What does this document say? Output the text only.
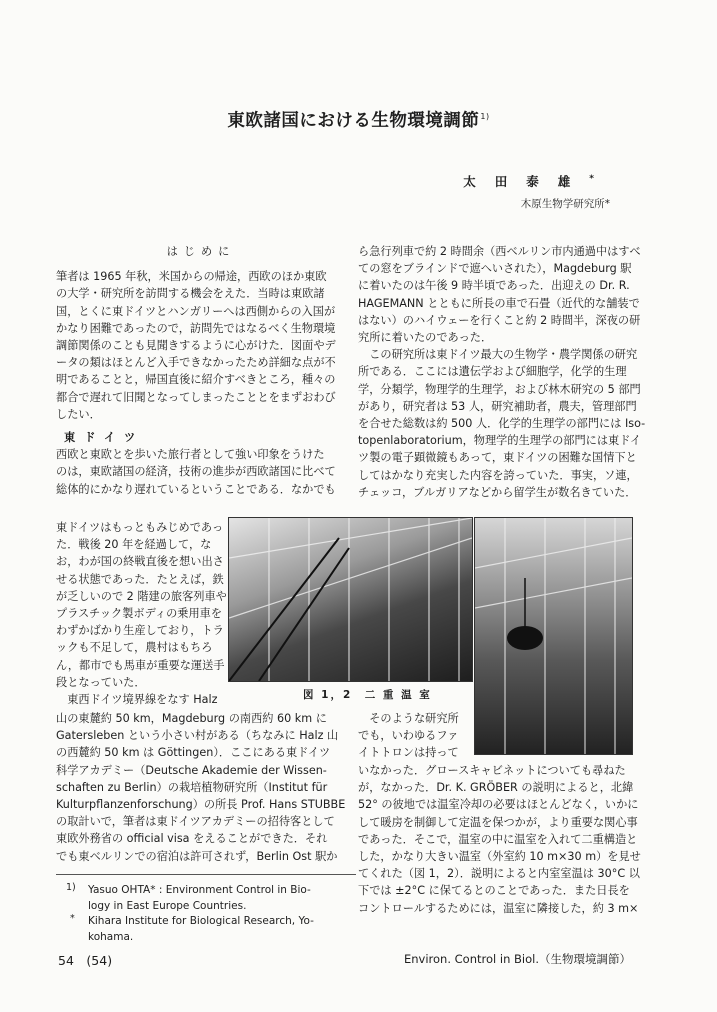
東欧諸国における生物環境調節$^{1)}$
太田泰雄*
木原生物学研究所*

はじめに

筆者は 1965 年秋，米国からの帰途，西欧のほか東欧

の大学・研究所を訪問する機会をえた．当時は東欧諸

国，とくに東ドイツとハンガリーへは西側からの入国が

かなり困難であったので，訪問先ではなるべく生物環境

調節関係のことも見聞きするように心がけた．図面やデ

ータの類はほとんど入手できなかったため詳細な点が不

明であることと，帰国直後に紹介すべきところ，種々の

都合で遅れて旧聞となってしまったこととをまずおわび

したい．

東ドイツ

西欧と東欧とを歩いた旅行者として強い印象をうけた

のは，東欧諸国の経済，技術の進歩が西欧諸国に比べて

総体的にかなり遅れているということである．なかでも

東ドイツはもっともみじめであっ

た．戦後 20 年を経過して，な

お，わが国の終戦直後を想い出さ

せる状態であった．たとえば，鉄

が乏しいので 2 階建の旅客列車や

プラスチック製ボディの乗用車を

わずかばかり生産しており，トラ

ックも不足して，農村はもちろ

ん，都市でも馬車が重要な運送手

段となっていた．

　東西ドイツ境界線をなす Halz

山の東麓約 50 km，Magdeburg の南西約 60 km に

Gatersleben という小さい村がある（ちなみに Halz 山

の西麓約 50 km は Göttingen）．ここにある東ドイツ

科学アカデミー（Deutsche Akademie der Wissen-

schaften zu Berlin）の栽培植物研究所（Institut für

Kulturpflanzenforschung）の所長 Prof. Hans STUBBE

の取計いで，筆者は東ドイツアカデミーの招待客として

東欧外務省の official visa をえることができた．それ

でも東ベルリンでの宿泊は許可されず，Berlin Ost 駅か

ら急行列車で約 2 時間余（西ベルリン市内通過中はすべ

ての窓をブラインドで遮へいされた），Magdeburg 駅

に着いたのは午後 9 時半頃であった．出迎えの Dr. R.

HAGEMANN とともに所長の車で石畳（近代的な舗装で

はない）のハイウェーを行くこと約 2 時間半，深夜の研

究所に着いたのであった．

　この研究所は東ドイツ最大の生物学・農学関係の研究

所である．ここには遺伝学および細胞学，化学的生理

学，分類学，物理学的生理学，および林木研究の 5 部門

があり，研究者は 53 人，研究補助者，農夫，管理部門

を合せた総数は約 500 人．化学的生理学の部門には Iso-

topenlaboratorium，物理学的生理学の部門には東ドイ

ツ製の電子顕微鏡もあって，東ドイツの困難な国情下と

してはかなり充実した内容を誇っていた．事実，ソ連，

チェッコ，ブルガリアなどから留学生が数名きていた．

図 1，2　二 重 温 室

　そのような研究所

でも，いわゆるファ

イトトロンは持って

いなかった．グロースキャビネットについても尋ねた

が，なかった．Dr. K. GRÖBER の説明によると，北緯

52° の彼地では温室冷却の必要はほとんどなく，いかに

して暖房を制御して定温を保つかが，より重要な関心事

であった．そこで，温室の中に温室を入れて二重構造と

した，かなり大きい温室（外室約 10 m×30 m）を見せ

てくれた（図 1，2）．説明によると内室室温は 30°C 以

下では ±2°C に保てるとのことであった．また日長を

コントロールするためには，温室に隣接した，約 3 m×

1) Yasuo OHTA* : Environment Control in Bio-
logy in East Europe Countries.
* Kihara Institute for Biological Research, Yo-
kohama.
54　(54)	Environ. Control in Biol.（生物環境調節）
